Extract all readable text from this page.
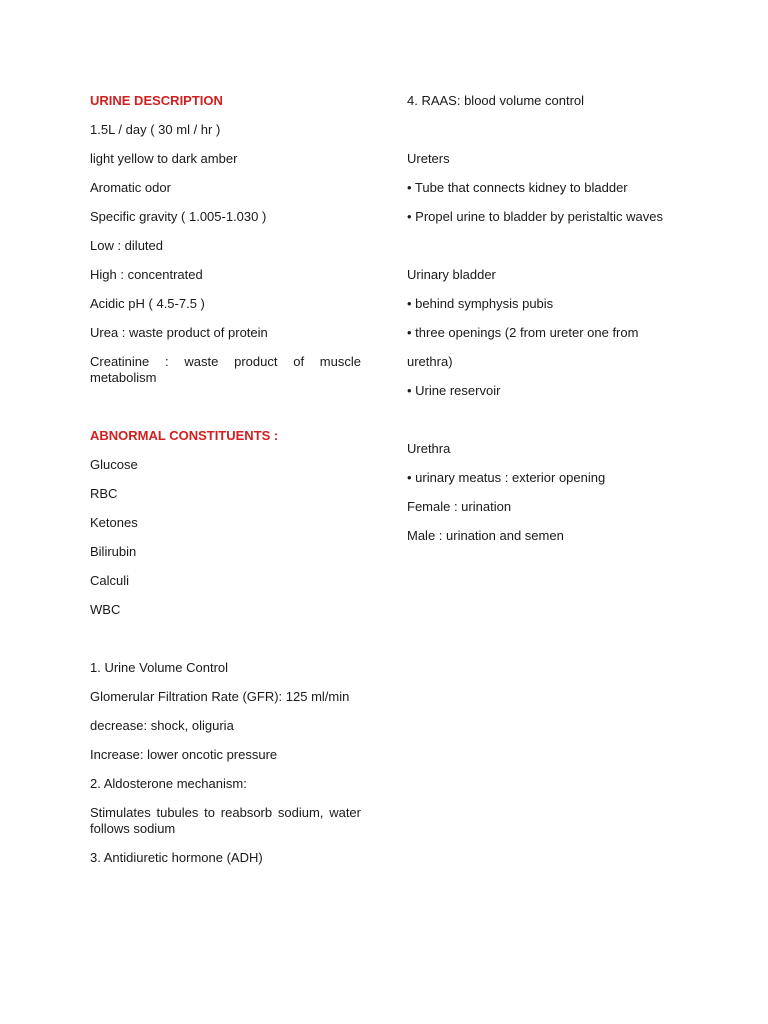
URINE DESCRIPTION

1.5L / day ( 30 ml / hr )

light yellow to dark amber

Aromatic odor

Specific gravity ( 1.005-1.030 )

Low : diluted

High : concentrated

Acidic pH ( 4.5-7.5 )

Urea : waste product of protein

Creatinine : waste product of muscle metabolism

ABNORMAL CONSTITUENTS :

Glucose

RBC

Ketones

Bilirubin

Calculi

WBC

1. Urine Volume Control

Glomerular Filtration Rate (GFR): 125 ml/min

decrease: shock, oliguria

Increase: lower oncotic pressure

2. Aldosterone mechanism:

Stimulates tubules to reabsorb sodium, water follows sodium

3. Antidiuretic hormone (ADH)

4. RAAS: blood volume control

Ureters

• Tube that connects kidney to bladder

• Propel urine to bladder by peristaltic waves

Urinary bladder

• behind symphysis pubis

• three openings (2 from ureter one from

urethra)

• Urine reservoir

Urethra

• urinary meatus : exterior opening

Female : urination

Male : urination and semen
